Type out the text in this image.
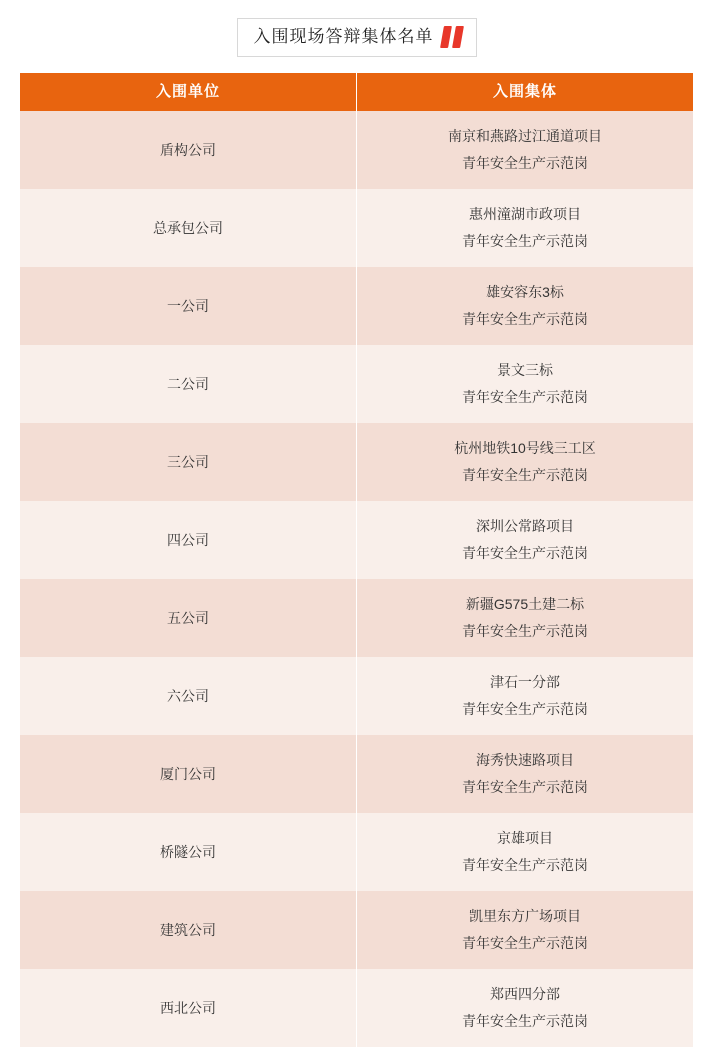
入围现场答辩集体名单
入围单位	入围集体
盾构公司	南京和燕路过江通道项目
青年安全生产示范岗

总承包公司	惠州潼湖市政项目
青年安全生产示范岗

一公司	雄安容东3标
青年安全生产示范岗

二公司	景文三标
青年安全生产示范岗

三公司	杭州地铁10号线三工区
青年安全生产示范岗

四公司	深圳公常路项目
青年安全生产示范岗

五公司	新疆G575土建二标
青年安全生产示范岗

六公司	津石一分部
青年安全生产示范岗

厦门公司	海秀快速路项目
青年安全生产示范岗

桥隧公司	京雄项目
青年安全生产示范岗

建筑公司	凯里东方广场项目
青年安全生产示范岗

西北公司	郑西四分部
青年安全生产示范岗
